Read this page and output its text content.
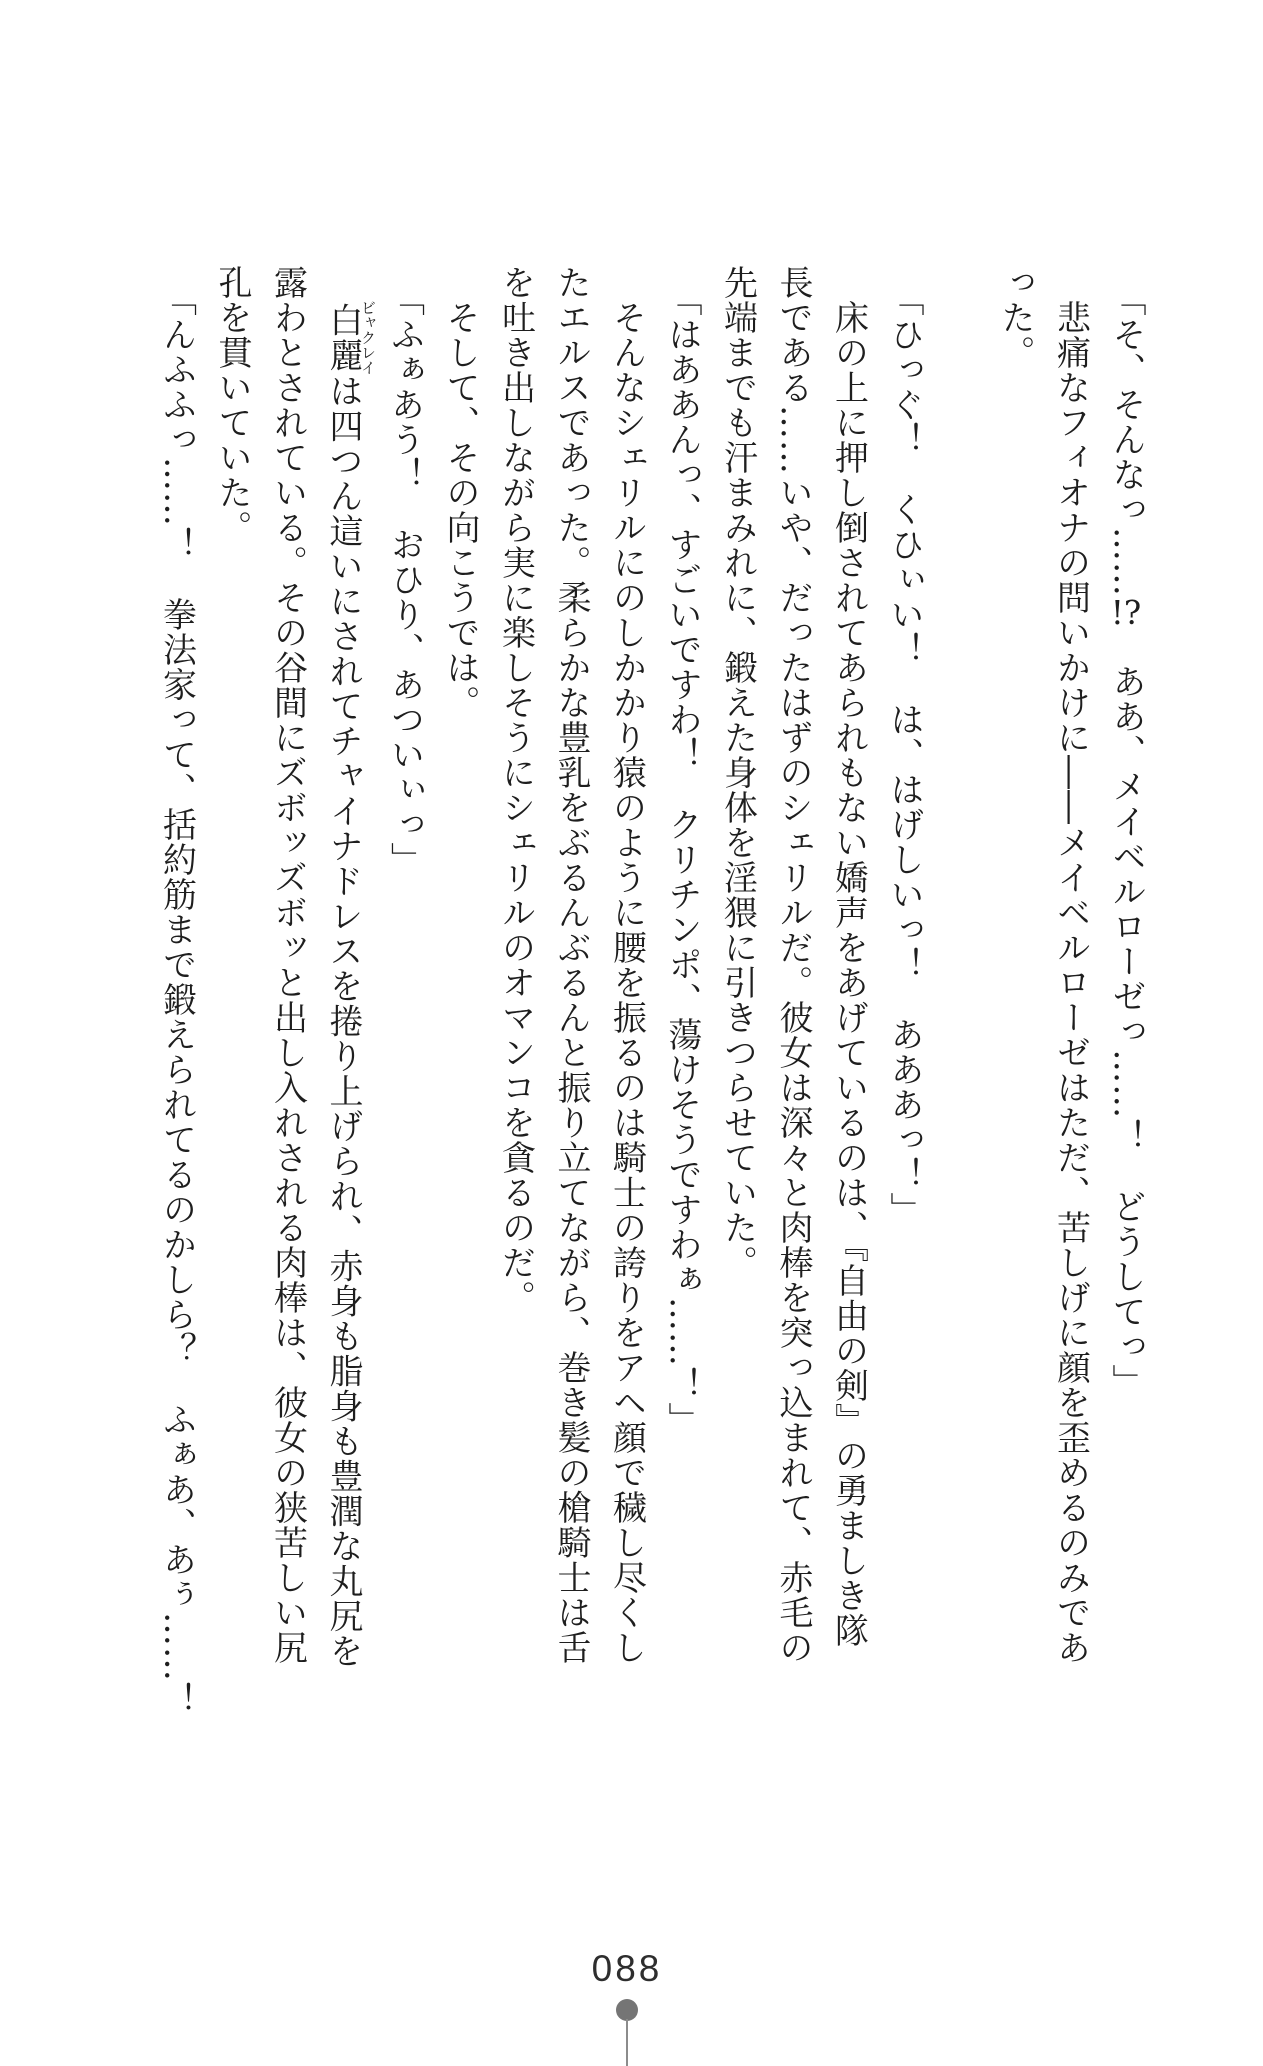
「そ、そんなっ……!?　ああ、メイベルローゼっ……！　どうしてっ」

悲痛なフィオナの問いかけに――メイベルローゼはただ、苦しげに顔を歪めるのみであ

った。

「ひっぐ！　くひぃい！　は、はげしいっ！　あああっ！」

床の上に押し倒されてあられもない嬌声をあげているのは、『自由の剣』の勇ましき隊

長である……いや、だったはずのシェリルだ。彼女は深々と肉棒を突っ込まれて、赤毛の

先端までも汗まみれに、鍛えた身体を淫猥に引きつらせていた。

「はああんっ、すごいですわ！　クリチンポ、蕩けそうですわぁ……！」

そんなシェリルにのしかかり猿のように腰を振るのは騎士の誇りをアヘ顔で穢し尽くし

たエルスであった。柔らかな豊乳をぶるんぶるんと振り立てながら、巻き髪の槍騎士は舌

を吐き出しながら実に楽しそうにシェリルのオマンコを貪るのだ。

そして、その向こうでは。

「ふぁあう！　おひり、あついぃっ」

白麗ビャクレイは四つん這いにされてチャイナドレスを捲り上げられ、赤身も脂身も豊潤な丸尻を

露わとされている。その谷間にズボッズボッと出し入れされる肉棒は、彼女の狭苦しい尻

孔を貫いていた。

「んふふっ……！　拳法家って、括約筋まで鍛えられてるのかしら？　ふぁあ、あぅ……！

088
